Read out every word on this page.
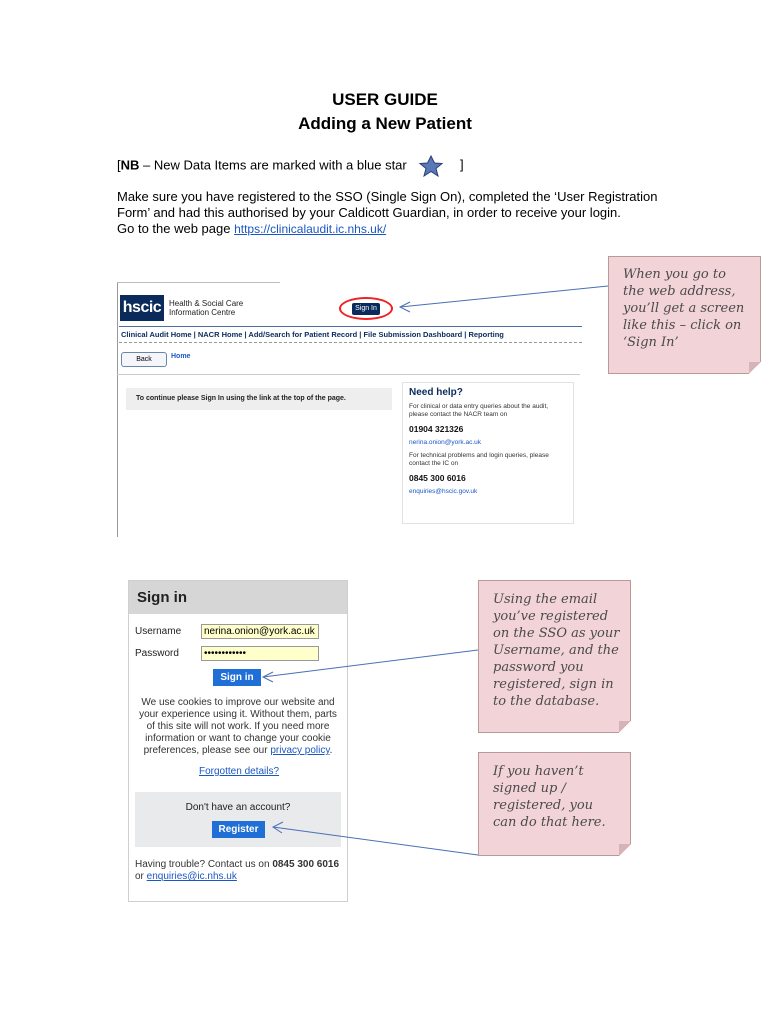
USER GUIDE
Adding a New Patient
[NB – New Data Items are marked with a blue star	]
Make sure you have registered to the SSO (Single Sign On), completed the ‘User Registration
Form’ and had this authorised by your Caldicott Guardian, in order to receive your login.
Go to the web page https://clinicalaudit.ic.nhs.uk/
hscic Health & Social Care
Information Centre	Sign In
Clinical Audit Home | NACR Home | Add/Search for Patient Record | File Submission Dashboard | Reporting
Back	Home
To continue please Sign In using the link at the top of the page.
Need help?
For clinical or data entry queries about the audit, please contact the NACR team on
01904 321326
nerina.onion@york.ac.uk
For technical problems and login queries, please contact the IC on
0845 300 6016
enquiries@hscic.gov.uk
When you go to the web address, you’ll get a screen like this – click on ‘Sign In’
Sign in
Username	nerina.onion@york.ac.uk
Password	••••••••••••
Sign in
We use cookies to improve our website and your experience using it. Without them, parts of this site will not work. If you need more information or want to change your cookie preferences, please see our privacy policy.
Forgotten details?
Don't have an account?
Register
Having trouble? Contact us on 0845 300 6016
or enquiries@ic.nhs.uk
Using the email you’ve registered on the SSO as your Username, and the password you registered, sign in to the database.
If you haven’t signed up / registered, you can do that here.
